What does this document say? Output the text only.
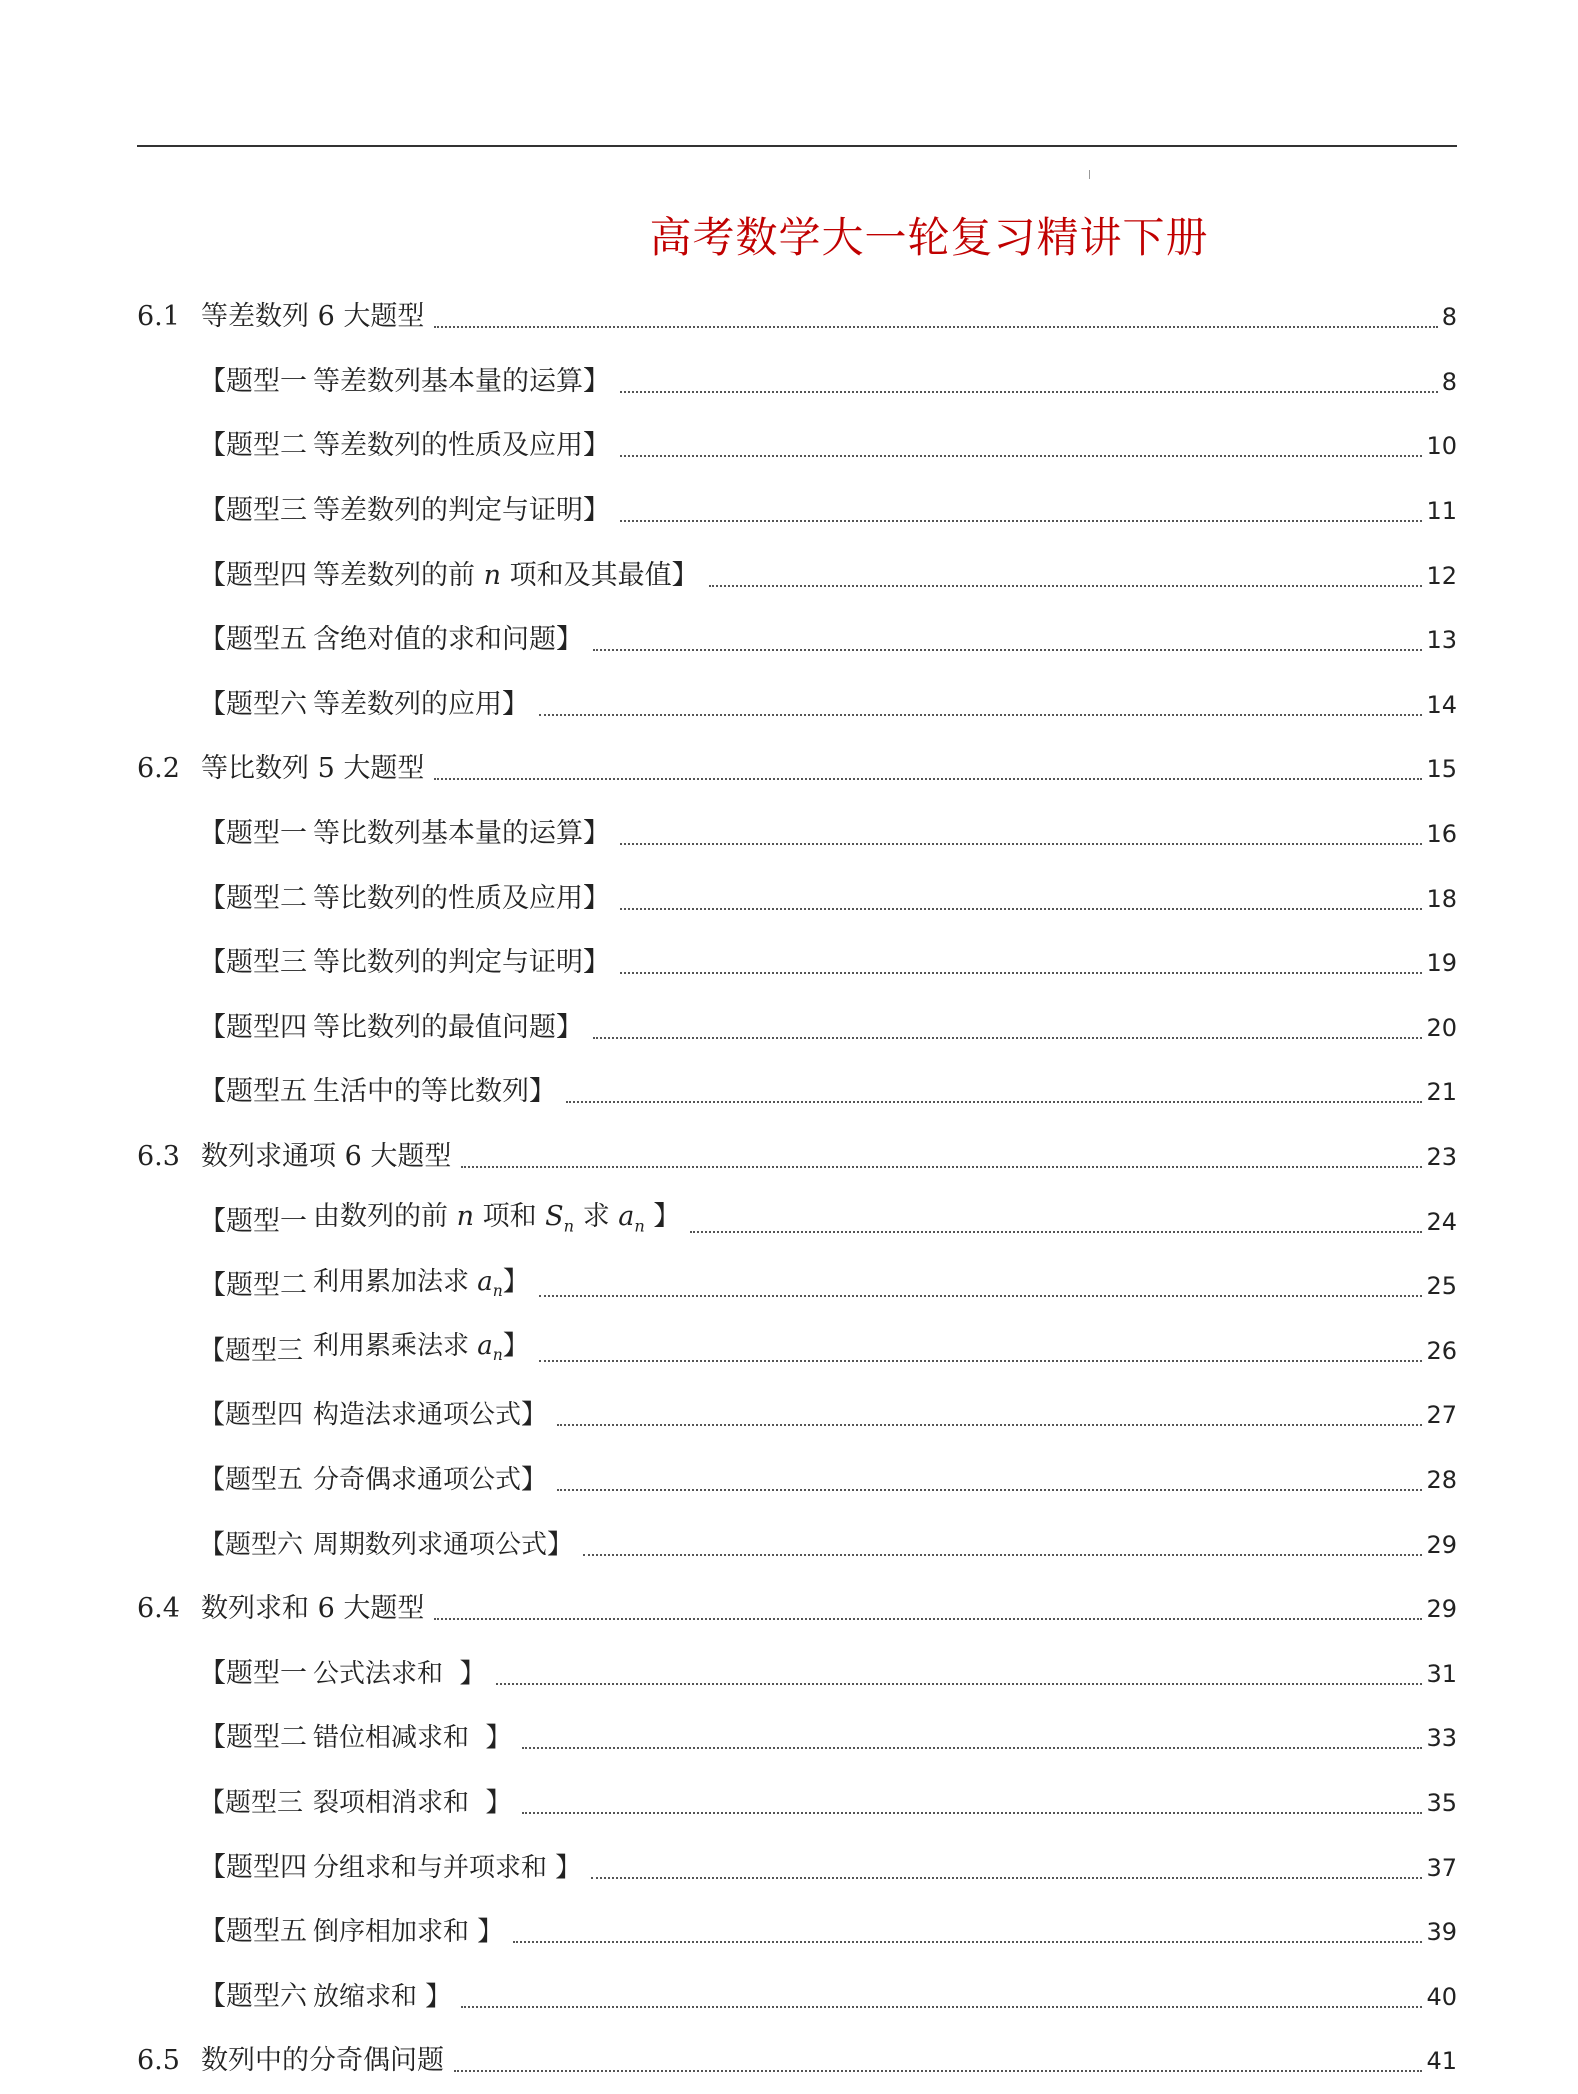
高考数学大一轮复习精讲下册
6.1 等差数列 6 大题型	8
【题型一 等差数列基本量的运算】	8
【题型二 等差数列的性质及应用】	10
【题型三 等差数列的判定与证明】	11
【题型四 等差数列的前 n 项和及其最值】	12
【题型五 含绝对值的求和问题】	13
【题型六 等差数列的应用】	14
6.2 等比数列 5 大题型	15
【题型一 等比数列基本量的运算】	16
【题型二 等比数列的性质及应用】	18
【题型三 等比数列的判定与证明】	19
【题型四 等比数列的最值问题】	20
【题型五 生活中的等比数列】	21
6.3 数列求通项 6 大题型	23
【题型一 由数列的前 n 项和 $S_n$ 求 $a_n$ 】	24
【题型二 利用累加法求 $a_n$】	25
【题型三 利用累乘法求 $a_n$】	26
【题型四 构造法求通项公式】	27
【题型五 分奇偶求通项公式】	28
【题型六 周期数列求通项公式】	29
6.4 数列求和 6 大题型	29
【题型一 公式法求和  】	31
【题型二 错位相减求和  】	33
【题型三 裂项相消求和  】	35
【题型四 分组求和与并项求和 】	37
【题型五 倒序相加求和 】	39
【题型六 放缩求和 】	40
6.5 数列中的分奇偶问题	41
